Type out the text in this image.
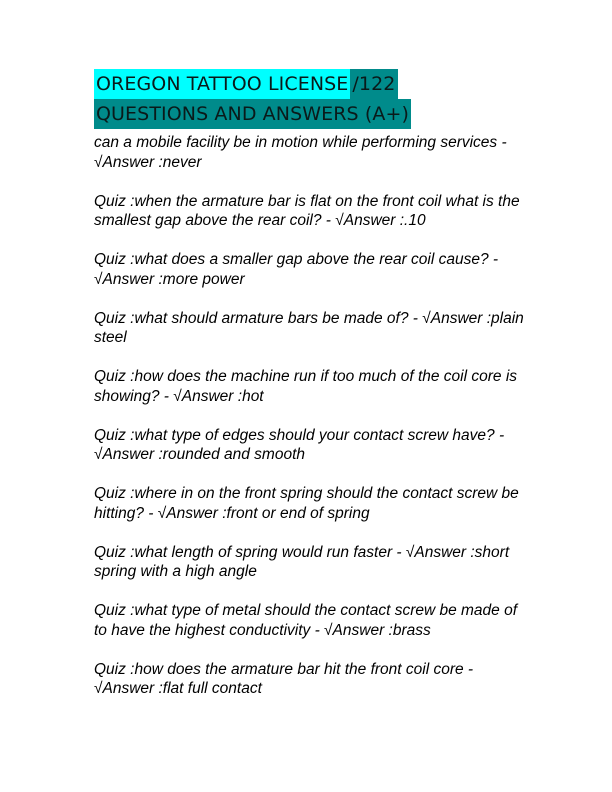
OREGON TATTOO LICENSE /122
QUESTIONS AND ANSWERS (A+)
can a mobile facility be in motion while performing services - √Answer :never
Quiz :when the armature bar is flat on the front coil what is the smallest gap above the rear coil? - √Answer :.10
Quiz :what does a smaller gap above the rear coil cause? - √Answer :more power
Quiz :what should armature bars be made of? - √Answer :plain steel
Quiz :how does the machine run if too much of the coil core is showing? - √Answer :hot
Quiz :what type of edges should your contact screw have? - √Answer :rounded and smooth
Quiz :where in on the front spring should the contact screw be hitting? - √Answer :front or end of spring
Quiz :what length of spring would run faster - √Answer :short spring with a high angle
Quiz :what type of metal should the contact screw be made of to have the highest conductivity - √Answer :brass
Quiz :how does the armature bar hit the front coil core - √Answer :flat full contact
